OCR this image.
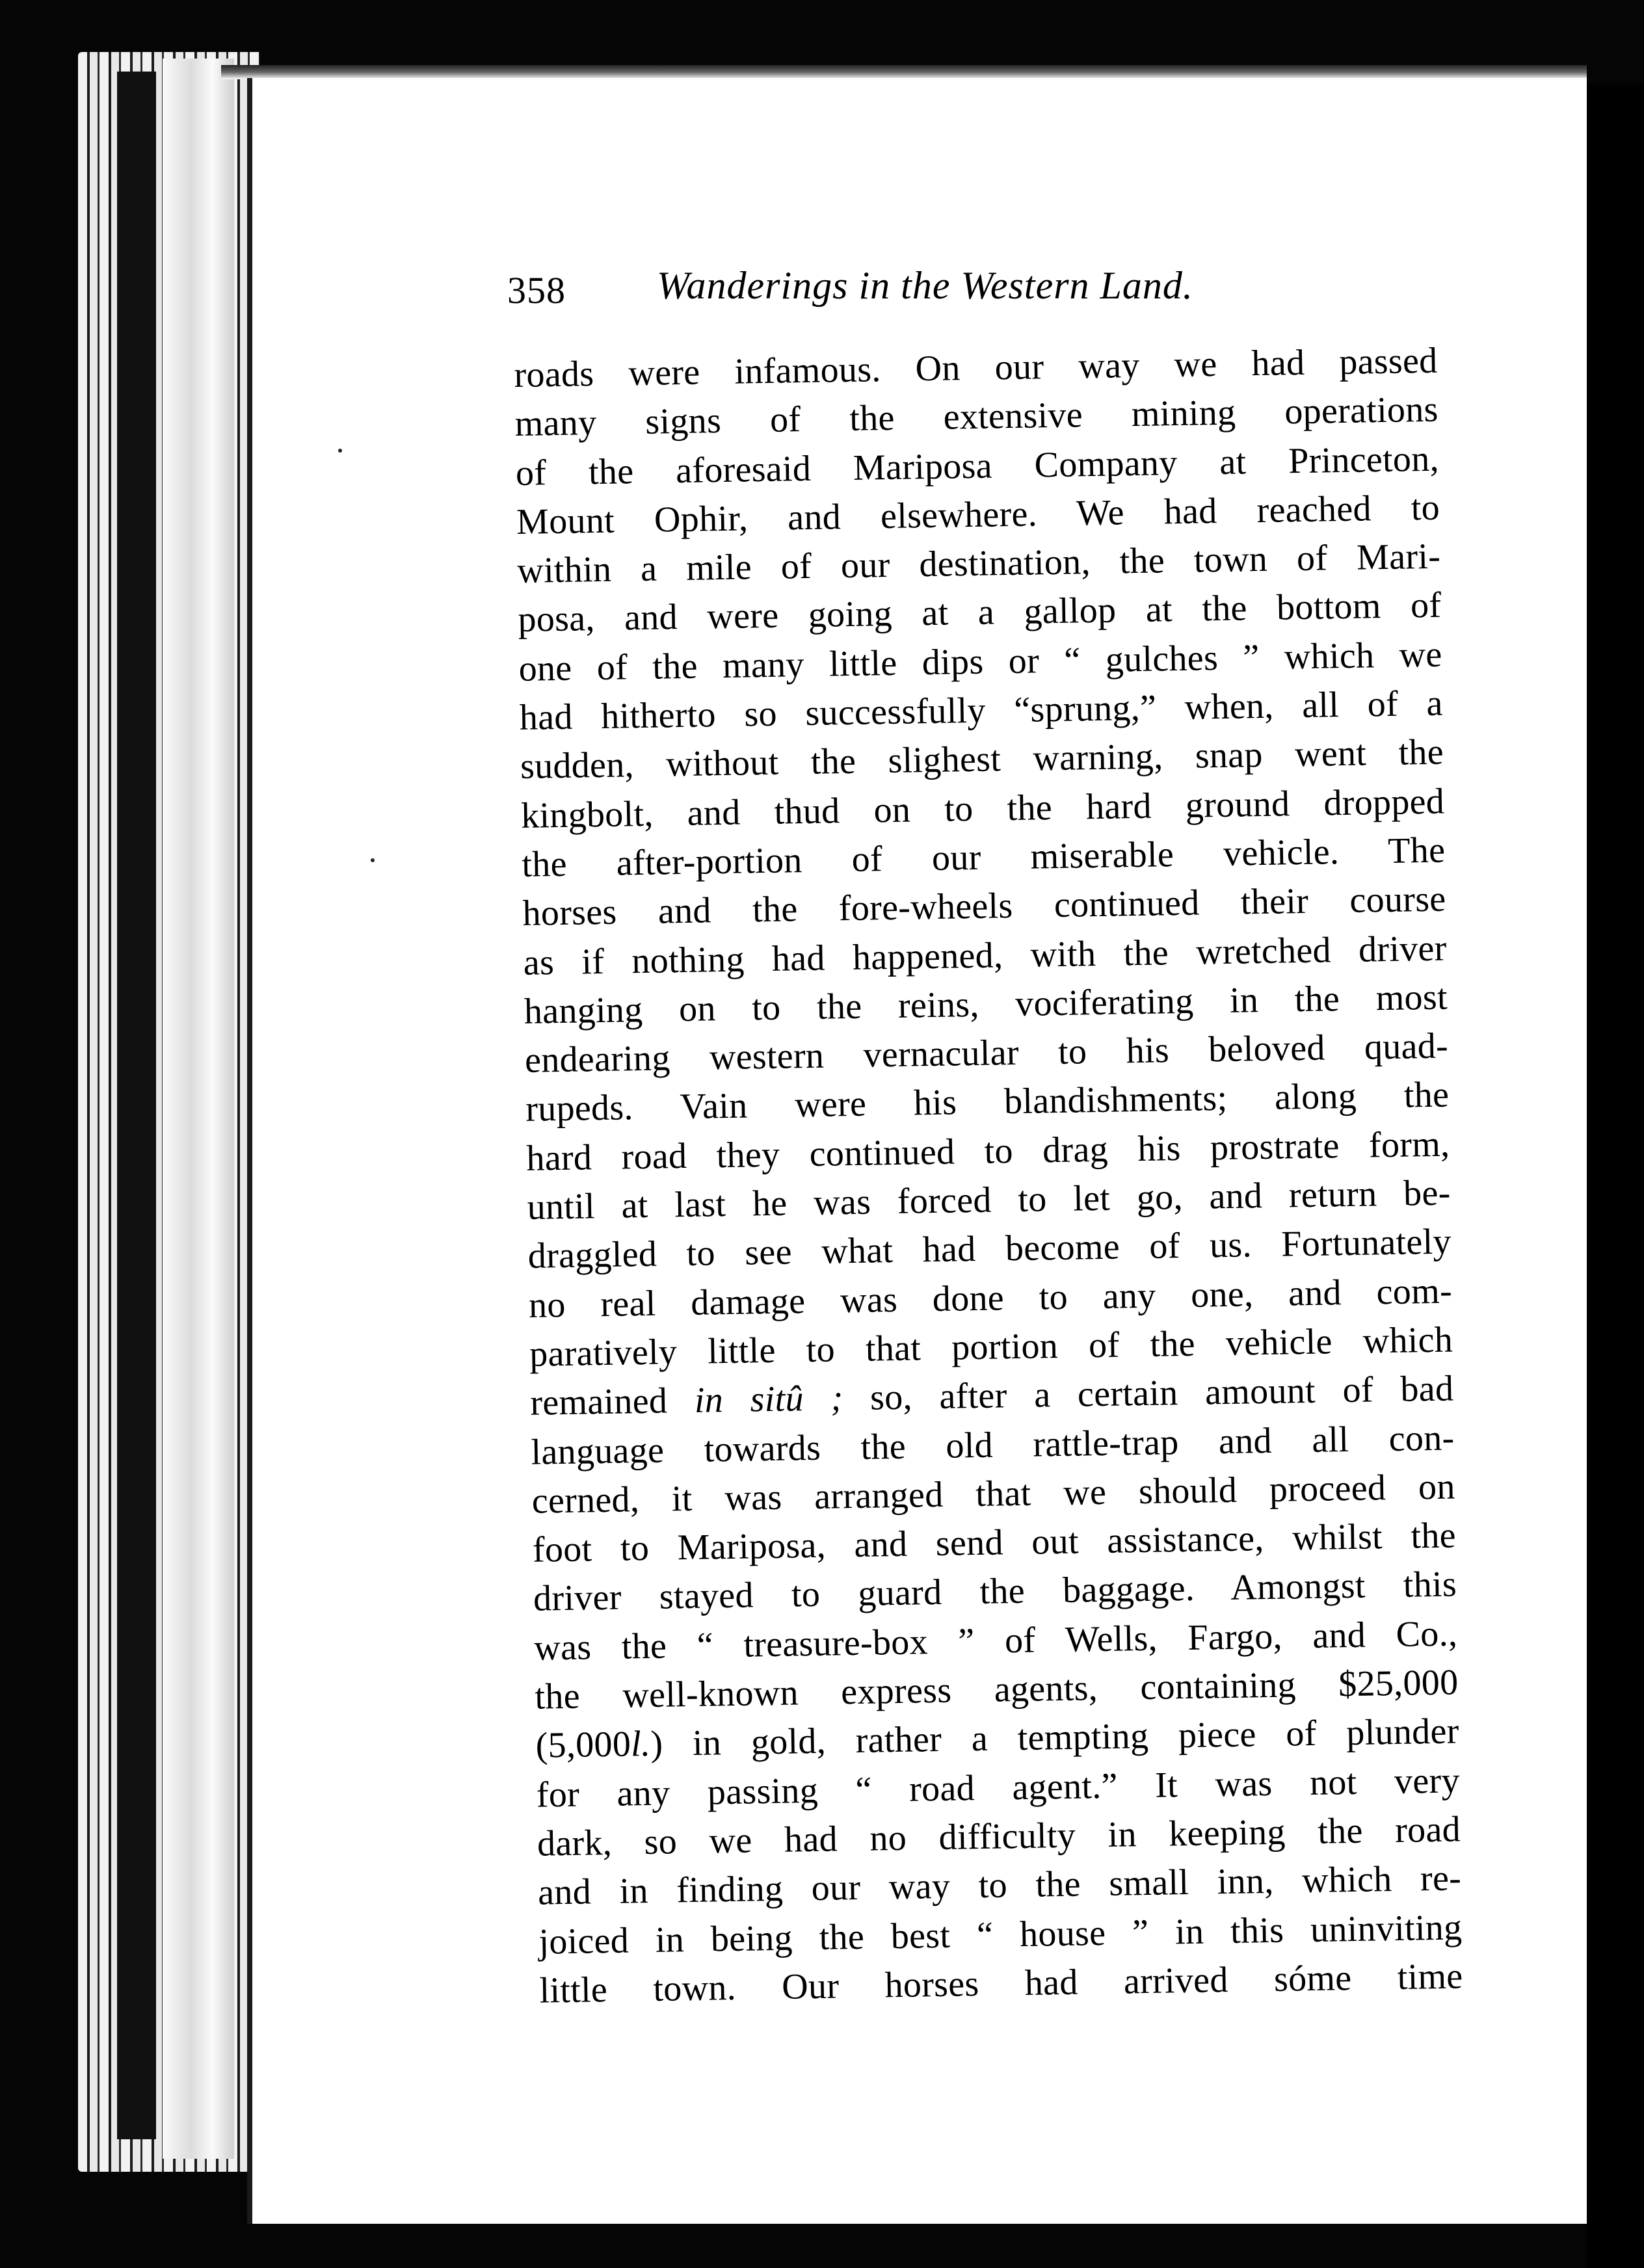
358 Wanderings in the Western Land.
roads were infamous. On our way we had passed
many signs of the extensive mining operations
of the aforesaid Mariposa Company at Princeton,
Mount Ophir, and elsewhere. We had reached to
within a mile of our destination, the town of Mari-
posa, and were going at a gallop at the bottom of
one of the many little dips or “ gulches ” which we
had hitherto so successfully “sprung,” when, all of a
sudden, without the slighest warning, snap went the
kingbolt, and thud on to the hard ground dropped
the after-portion of our miserable vehicle. The
horses and the fore-wheels continued their course
as if nothing had happened, with the wretched driver
hanging on to the reins, vociferating in the most
endearing western vernacular to his beloved quad-
rupeds. Vain were his blandishments; along the
hard road they continued to drag his prostrate form,
until at last he was forced to let go, and return be-
draggled to see what had become of us. Fortunately
no real damage was done to any one, and com-
paratively little to that portion of the vehicle which
remained in sitû ; so, after a certain amount of bad
language towards the old rattle-trap and all con-
cerned, it was arranged that we should proceed on
foot to Mariposa, and send out assistance, whilst the
driver stayed to guard the baggage. Amongst this
was the “ treasure-box ” of Wells, Fargo, and Co.,
the well-known express agents, containing $25,000
(5,000l.) in gold, rather a tempting piece of plunder
for any passing “ road agent.” It was not very
dark, so we had no difficulty in keeping the road
and in finding our way to the small inn, which re-
joiced in being the best “ house ” in this uninviting
little town. Our horses had arrived sóme time
